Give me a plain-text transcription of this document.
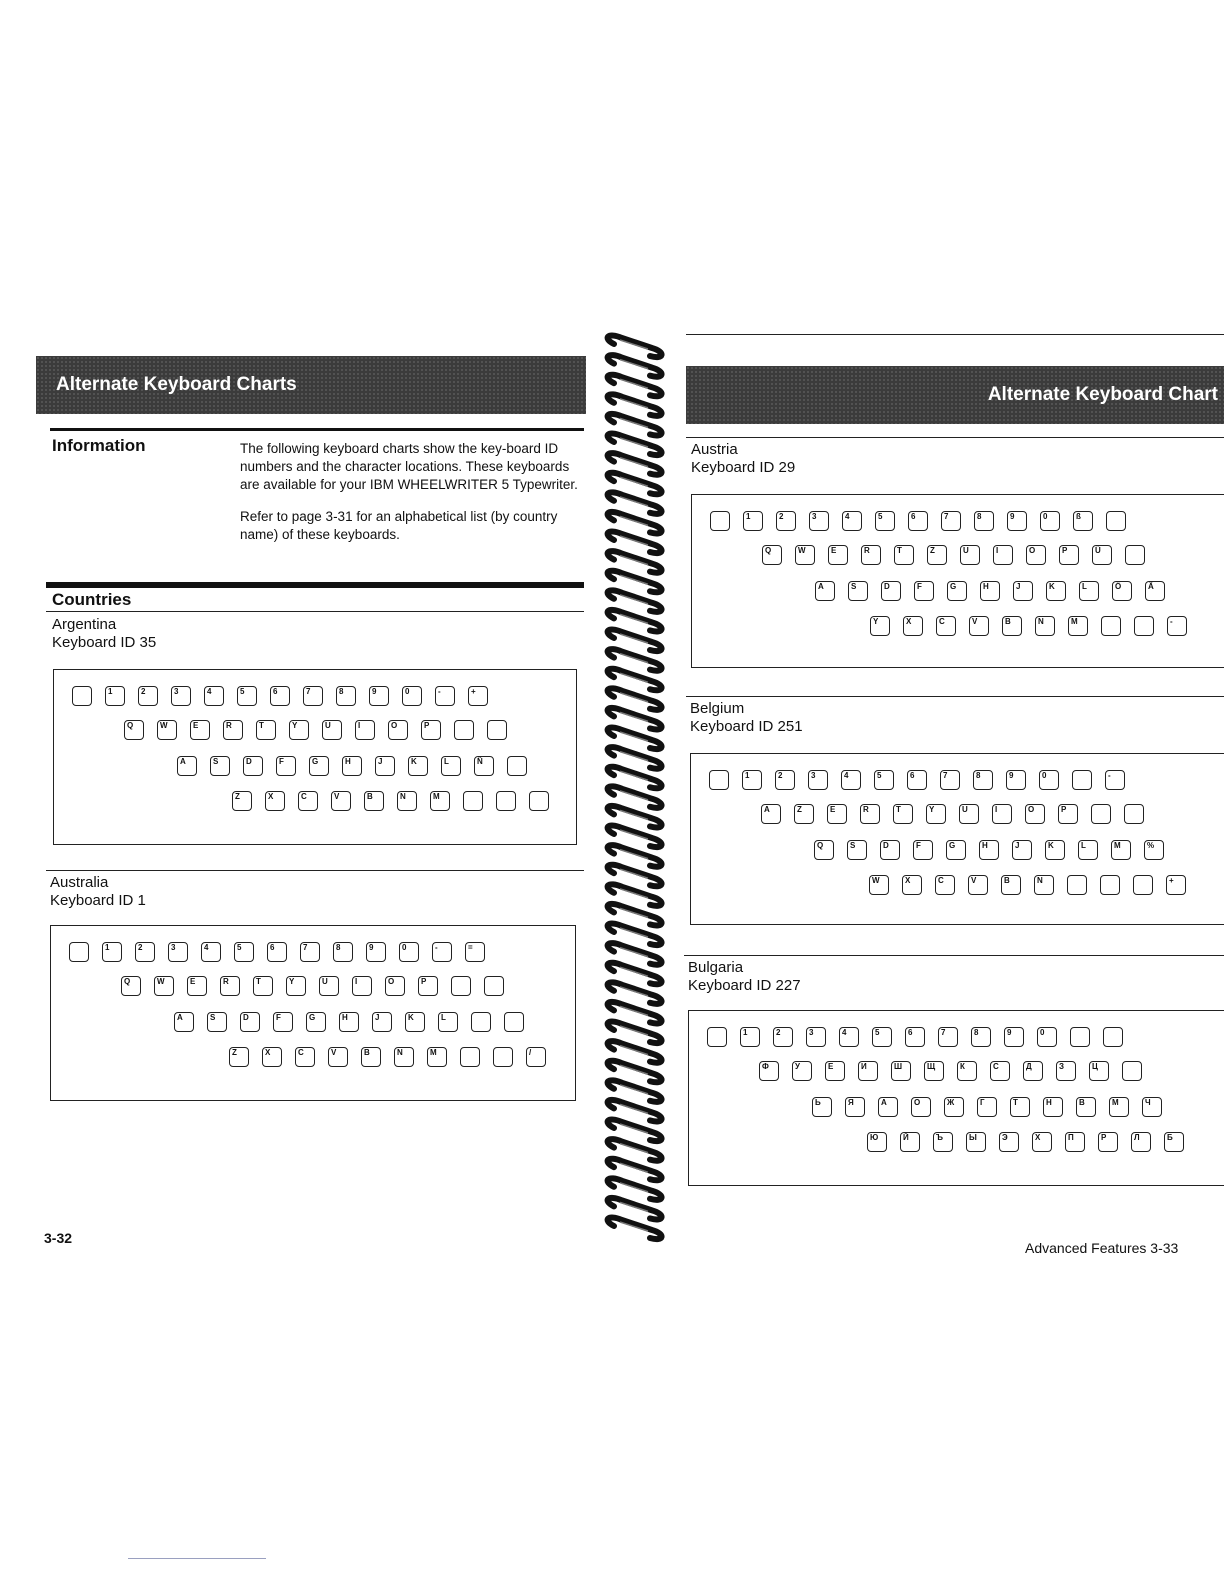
Alternate Keyboard Charts
Information	The following keyboard charts show the key-board ID numbers and the character locations. These keyboards are available for your IBM WHEELWRITER 5 Typewriter.

Refer to page 3-31 for an alphabetical list (by country name) of these keyboards.

Countries
Argentina
Keyboard ID 35
1	2	3	4	5	6	7	8	9	0	-	+
Q	W	E	R	T	Y	U	I	O	P
A	S	D	F	G	H	J	K	L	Ñ
Z	X	C	V	B	N	M
Australia
Keyboard ID 1
1	2	3	4	5	6	7	8	9	0	-	=
Q	W	E	R	T	Y	U	I	O	P
A	S	D	F	G	H	J	K	L
Z	X	C	V	B	N	M	/
3-32
Alternate Keyboard Chart
Austria
Keyboard ID 29
1	2	3	4	5	6	7	8	9	0	ß
Q	W	E	R	T	Z	U	I	O	P	Ü
A	S	D	F	G	H	J	K	L	Ö	Ä
Y	X	C	V	B	N	M	-
Belgium
Keyboard ID 251
1	2	3	4	5	6	7	8	9	0	-
A	Z	E	R	T	Y	U	I	O	P
Q	S	D	F	G	H	J	K	L	M	%
W	X	C	V	B	N	+
Bulgaria
Keyboard ID 227
1	2	3	4	5	6	7	8	9	0
Ф	У	Е	И	Ш	Щ	К	С	Д	З	Ц
Ь	Я	А	О	Ж	Г	Т	Н	В	М	Ч
Ю	Й	Ъ	Ы	Э	Х	П	Р	Л	Б
Advanced Features 3-33
